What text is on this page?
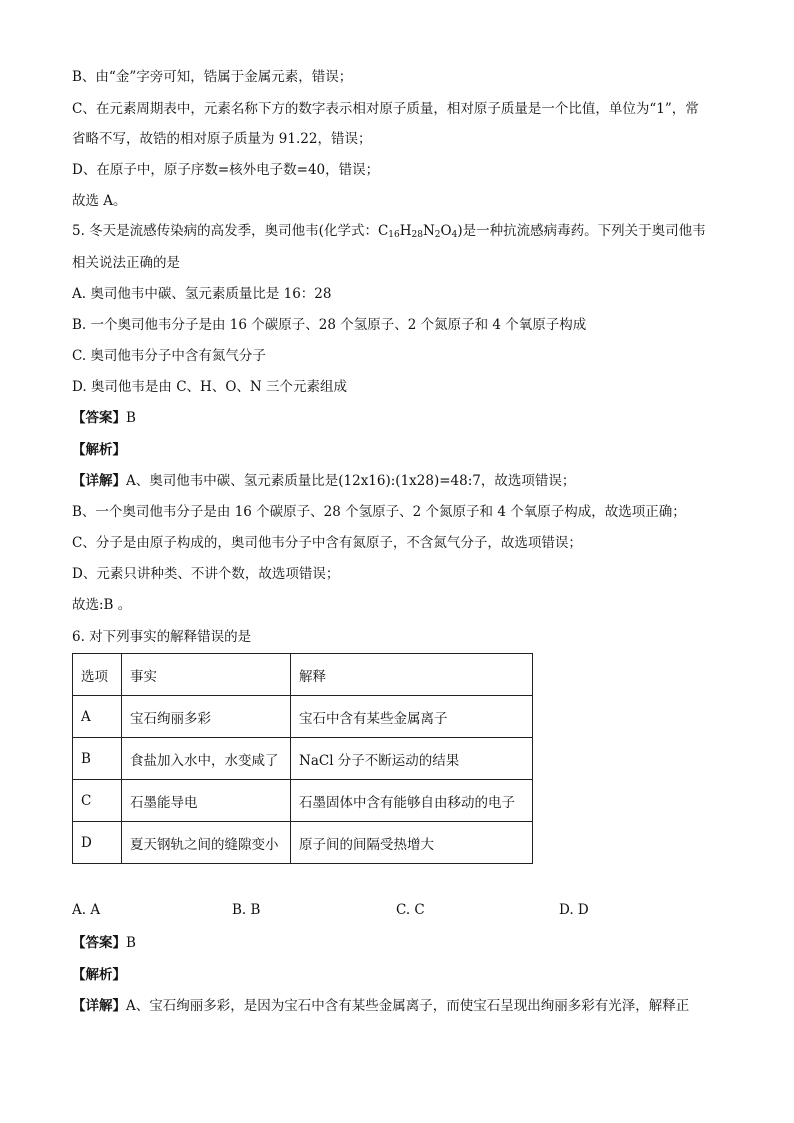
B、由“金”字旁可知，锆属于金属元素，错误；
C、在元素周期表中，元素名称下方的数字表示相对原子质量，相对原子质量是一个比值，单位为“1”，常
省略不写，故锆的相对原子质量为 91.22，错误；
D、在原子中，原子序数=核外电子数=40，错误；
故选 A。
5. 冬天是流感传染病的高发季，奥司他韦(化学式：$C_{16}H_{28}N_2O_4$)是一种抗流感病毒药。下列关于奥司他韦
相关说法正确的是
A. 奥司他韦中碳、氢元素质量比是 16：28
B. 一个奥司他韦分子是由 16 个碳原子、28 个氢原子、2 个氮原子和 4 个氧原子构成
C. 奥司他韦分子中含有氮气分子
D. 奥司他韦是由 C、H、O、N 三个元素组成
【答案】B
【解析】
【详解】A、奥司他韦中碳、氢元素质量比是(12x16):(1x28)=48:7，故选项错误；
B、一个奥司他韦分子是由 16 个碳原子、28 个氢原子、2 个氮原子和 4 个氧原子构成，故选项正确；
C、分子是由原子构成的，奥司他韦分子中含有氮原子，不含氮气分子，故选项错误；
D、元素只讲种类、不讲个数，故选项错误；
故选:B 。
6. 对下列事实的解释错误的是
选项	事实	解释
A	宝石绚丽多彩	宝石中含有某些金属离子
B	食盐加入水中，水变咸了	NaCl 分子不断运动的结果
C	石墨能导电	石墨固体中含有能够自由移动的电子
D	夏天钢轨之间的缝隙变小	原子间的间隔受热增大
A. A	B. B	C. C	D. D
【答案】B
【解析】
【详解】A、宝石绚丽多彩，是因为宝石中含有某些金属离子，而使宝石呈现出绚丽多彩有光泽，解释正
